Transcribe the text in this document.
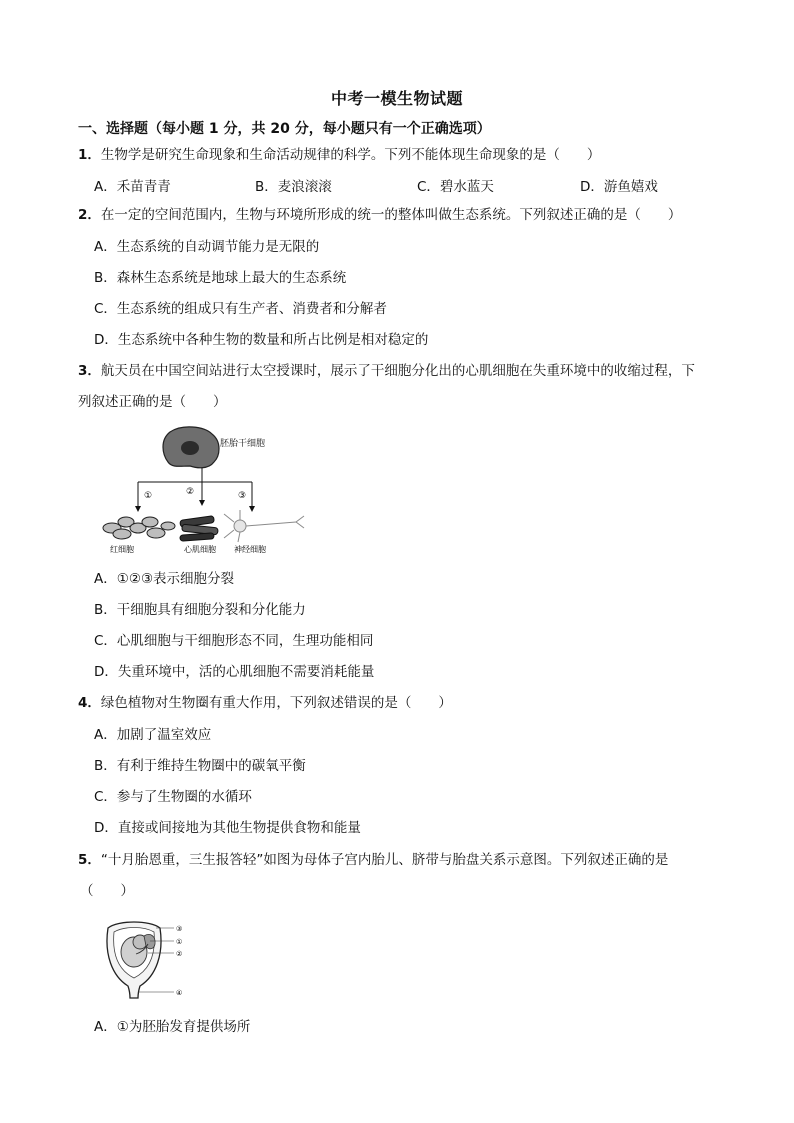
中考一模生物试题
一、选择题（每小题 1 分，共 20 分，每小题只有一个正确选项）
1．生物学是研究生命现象和生命活动规律的科学。下列不能体现生命现象的是（　　）
A．禾苗青青	B．麦浪滚滚	C．碧水蓝天	D．游鱼嬉戏
2．在一定的空间范围内，生物与环境所形成的统一的整体叫做生态系统。下列叙述正确的是（　　）
A．生态系统的自动调节能力是无限的
B．森林生态系统是地球上最大的生态系统
C．生态系统的组成只有生产者、消费者和分解者
D．生态系统中各种生物的数量和所占比例是相对稳定的
3．航天员在中国空间站进行太空授课时，展示了干细胞分化出的心肌细胞在失重环境中的收缩过程，下
列叙述正确的是（　　）
胚胎干细胞
①	②	③
红细胞	心肌细胞 神经细胞
A．①②③表示细胞分裂
B．干细胞具有细胞分裂和分化能力
C．心肌细胞与干细胞形态不同，生理功能相同
D．失重环境中，活的心肌细胞不需要消耗能量
4．绿色植物对生物圈有重大作用，下列叙述错误的是（　　）
A．加剧了温室效应
B．有利于维持生物圈中的碳氧平衡
C．参与了生物圈的水循环
D．直接或间接地为其他生物提供食物和能量
5．“十月胎恩重，三生报答轻”如图为母体子宫内胎儿、脐带与胎盘关系示意图。下列叙述正确的是
（　　）
③
①
②
④
A．①为胚胎发育提供场所
